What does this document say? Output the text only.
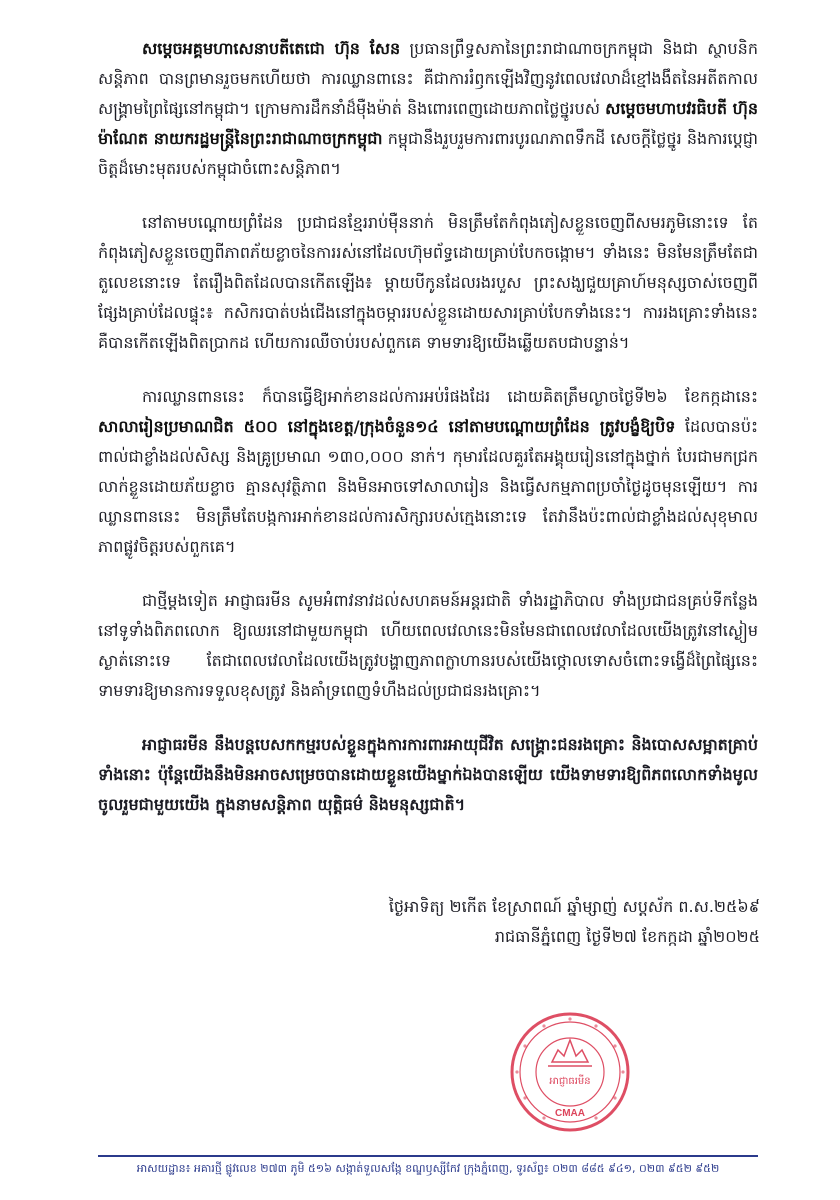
សម្ដេចអគ្គមហាសេនាបតីតេជោ ហ៊ុន សែន ប្រធានព្រឹទ្ធសភានៃព្រះរាជាណាចក្រកម្ពុជា និងជា ស្ថាបនិកសន្តិភាព បានព្រមានរួចមកហើយថា ការឈ្លានពានេះ គឺជាការរំឭកឡើងវិញនូវពេលវេលាដ៏ខ្មៅងងឹតនៃអតីតកាលសង្គ្រាមព្រៃផ្សៃនៅកម្ពុជា។ ក្រោមការដឹកនាំដ៏ម៉ឺងម៉ាត់ និងពោរពេញដោយភាពថ្លៃថ្នូរបស់ សម្ដេចមហាបវរធិបតី ហ៊ុន ម៉ាណែត នាយករដ្ឋមន្ត្រីនៃព្រះរាជាណាចក្រកម្ពុជា កម្ពុជានឹងរួបរួមការពារបូរណភាពទឹកដី សេចក្តីថ្លៃថ្នូរ និងការប្តេជ្ញាចិត្តដ៏មោះមុតរបស់កម្ពុជាចំពោះសន្តិភាព។

នៅតាមបណ្ដោយព្រំដែន ប្រជាជនខ្មែររាប់ម៉ឺននាក់ មិនត្រឹមតែកំពុងភៀសខ្លួនចេញពីសមរភូមិនោះទេ តែកំពុងភៀសខ្លួនចេញពីភាពភ័យខ្លាចនៃការរស់នៅដែលហ៊ុមព័ទ្ធដោយគ្រាប់បែកចង្កោម។ ទាំងនេះ មិនមែនត្រឹមតែជាតួលេខនោះទេ តែរឿងពិតដែលបានកើតឡើង៖ ម្ដាយបីកូនដែលរងរបួស ព្រះសង្ឃជួយគ្រាហ៍មនុស្សចាស់ចេញពីផ្សែងគ្រាប់ដែលផ្ទុះ៖ កសិករបាត់បង់ជើងនៅក្នុងចម្ការរបស់ខ្លួនដោយសារគ្រាប់បែកទាំងនេះ។ ការរងគ្រោះទាំងនេះ គឺបានកើតឡើងពិតប្រាកដ ហើយការឈឺចាប់របស់ពួកគេ ទាមទារឱ្យយើងឆ្លើយតបជាបន្ទាន់។

ការឈ្លានពាននេះ ក៏បានធ្វើឱ្យអាក់ខានដល់ការអប់រំផងដែរ ដោយគិតត្រឹមល្ងាចថ្ងៃទី២៦ ខែកក្កដានេះ សាលារៀនប្រមាណជិត ៥០០ នៅក្នុងខេត្ត/ក្រុងចំនួន១៤ នៅតាមបណ្តោយព្រំដែន ត្រូវបង្ខំឱ្យបិទ ដែលបានប៉ះពាល់ជាខ្លាំងដល់សិស្ស និងគ្រូប្រមាណ ១៣០,០០០ នាក់។ កុមារដែលគួរតែអង្គុយរៀននៅក្នុងថ្នាក់ បែរជាមកជ្រកលាក់ខ្លួនដោយភ័យខ្លាច គ្មានសុវត្ថិភាព និងមិនអាចទៅសាលារៀន និងធ្វើសកម្មភាពប្រចាំថ្ងៃដូចមុនឡើយ។ ការឈ្លានពាននេះ មិនត្រឹមតែបង្កការអាក់ខានដល់ការសិក្សារបស់ក្មេងនោះទេ តែវានឹងប៉ះពាល់ជាខ្លាំងដល់សុខុមាលភាពផ្លូវចិត្តរបស់ពួកគេ។

ជាថ្មីម្តងទៀត អាជ្ញាធរមីន សូមអំពាវនាវដល់សហគមន៍អន្តរជាតិ ទាំងរដ្ឋាភិបាល ទាំងប្រជាជនគ្រប់ទីកន្លែងនៅទូទាំងពិភពលោក ឱ្យឈរនៅជាមួយកម្ពុជា ហើយពេលវេលានេះមិនមែនជាពេលវេលាដែលយើងត្រូវនៅស្ងៀមស្ងាត់នោះទេ តែជាពេលវេលាដែលយើងត្រូវបង្ហាញភាពក្លាហានរបស់យើងថ្កោលទោសចំពោះទង្វើដ៏ព្រៃផ្សៃនេះ ទាមទារឱ្យមានការទទួលខុសត្រូវ និងគាំទ្រពេញទំហឹងដល់ប្រជាជនរងគ្រោះ។

អាជ្ញាធរមីន នឹងបន្តបេសកកម្មរបស់ខ្លួនក្នុងការការពារអាយុជីវិត សង្គ្រោះជនរងគ្រោះ និងបោសសម្អាតគ្រាប់ទាំងនោះ ប៉ុន្តែយើងនឹងមិនអាចសម្រេចបានដោយខ្លួនយើងម្នាក់ឯងបានឡើយ យើងទាមទារឱ្យពិភពលោកទាំងមូល ចូលរួមជាមួយយើង ក្នុងនាមសន្តិភាព យុត្តិធម៌ និងមនុស្សជាតិ។

ថ្ងៃអាទិត្យ ២កើត ខែស្រាពណ៍ ឆ្នាំម្សាញ់ សប្តស័ក ព.ស.២៥៦៩
រាជធានីភ្នំពេញ ថ្ងៃទី២៧ ខែកក្កដា ឆ្នាំ២០២៥
អាជ្ញាធរមីន
CMAA
អាសយដ្ឋាន៖ អគារថ្មី ផ្លូវលេខ ២៧៣ ភូមិ ៥១៦ សង្កាត់ទួលសង្កែ ខណ្ឌឫស្សីកែវ ក្រុងភ្នំពេញ, ទូរស័ព្ទ៖ ០២៣ ៨៨៥ ៩៤១, ០២៣ ៩៥២ ៩៥២
